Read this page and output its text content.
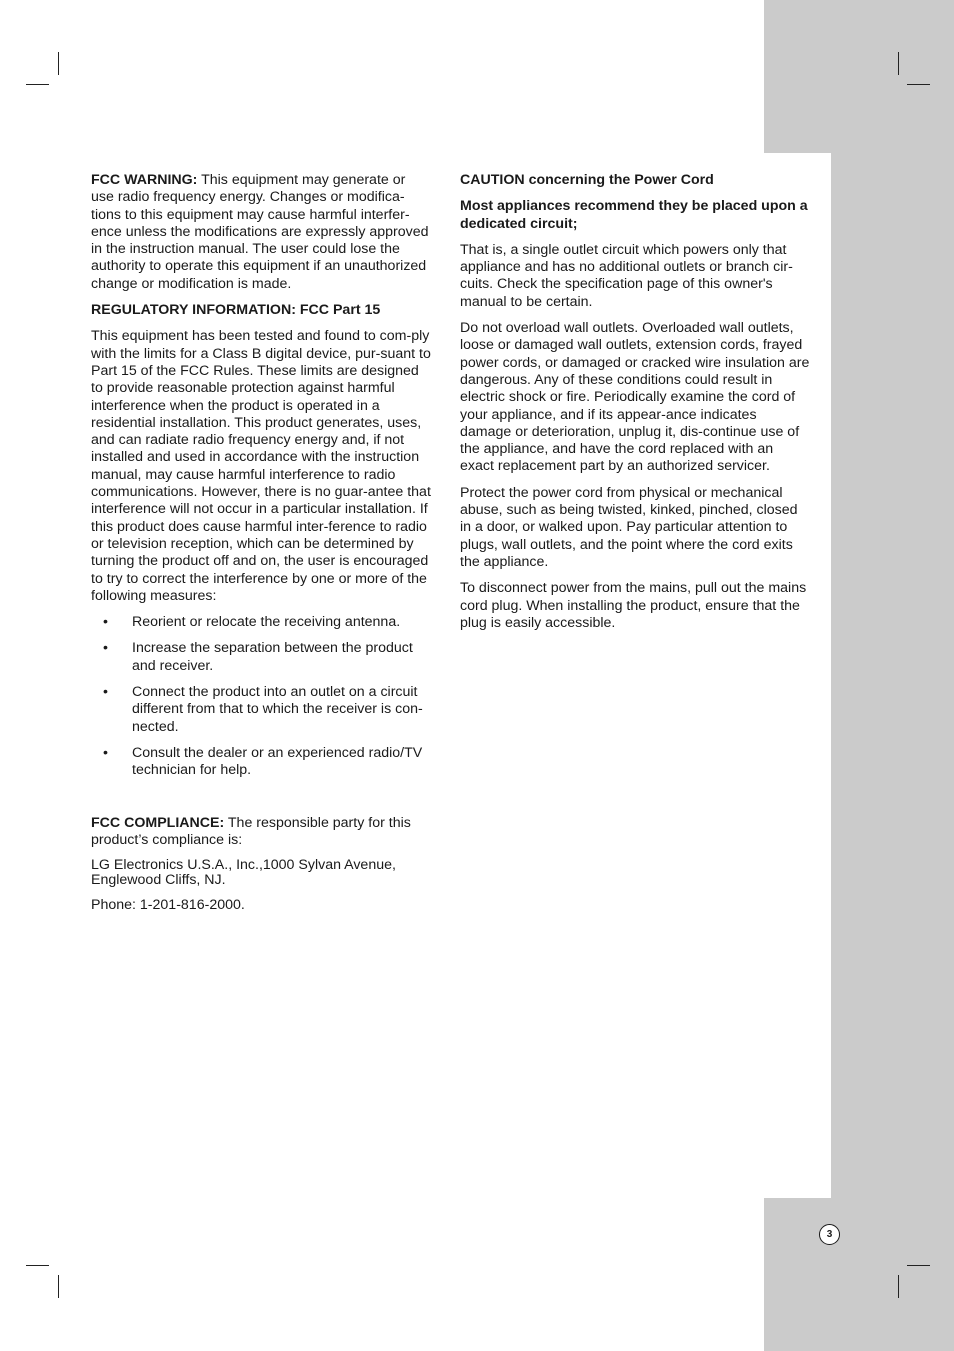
FCC WARNING: This equipment may generate or use radio frequency energy. Changes or modifica-tions to this equipment may cause harmful interfer-ence unless the modifications are expressly approved in the instruction manual. The user could lose the authority to operate this equipment if an unauthorized change or modification is made.

REGULATORY INFORMATION: FCC Part 15

This equipment has been tested and found to com-ply with the limits for a Class B digital device, pur-suant to Part 15 of the FCC Rules. These limits are designed to provide reasonable protection against harmful interference when the product is operated in a residential installation. This product generates, uses, and can radiate radio frequency energy and, if not installed and used in accordance with the instruction manual, may cause harmful interference to radio communications. However, there is no guar-antee that interference will not occur in a particular installation. If this product does cause harmful inter-ference to radio or television reception, which can be determined by turning the product off and on, the user is encouraged to try to correct the interference by one or more of the following measures:

• Reorient or relocate the receiving antenna.
• Increase the separation between the product and receiver.
• Connect the product into an outlet on a circuit different from that to which the receiver is con-nected.
• Consult the dealer or an experienced radio/TV technician for help.

FCC COMPLIANCE: The responsible party for this product’s compliance is:

LG Electronics U.S.A., Inc.,1000 Sylvan Avenue, Englewood Cliffs, NJ.

Phone: 1-201-816-2000.

CAUTION concerning the Power Cord

Most appliances recommend they be placed upon a dedicated circuit;

That is, a single outlet circuit which powers only that appliance and has no additional outlets or branch cir-cuits. Check the specification page of this owner's manual to be certain.

Do not overload wall outlets. Overloaded wall outlets, loose or damaged wall outlets, extension cords, frayed power cords, or damaged or cracked wire insulation are dangerous. Any of these conditions could result in electric shock or fire. Periodically examine the cord of your appliance, and if its appear-ance indicates damage or deterioration, unplug it, dis-continue use of the appliance, and have the cord replaced with an exact replacement part by an authorized servicer.

Protect the power cord from physical or mechanical abuse, such as being twisted, kinked, pinched, closed in a door, or walked upon. Pay particular attention to plugs, wall outlets, and the point where the cord exits the appliance.

To disconnect power from the mains, pull out the mains cord plug. When installing the product, ensure that the plug is easily accessible.

3
